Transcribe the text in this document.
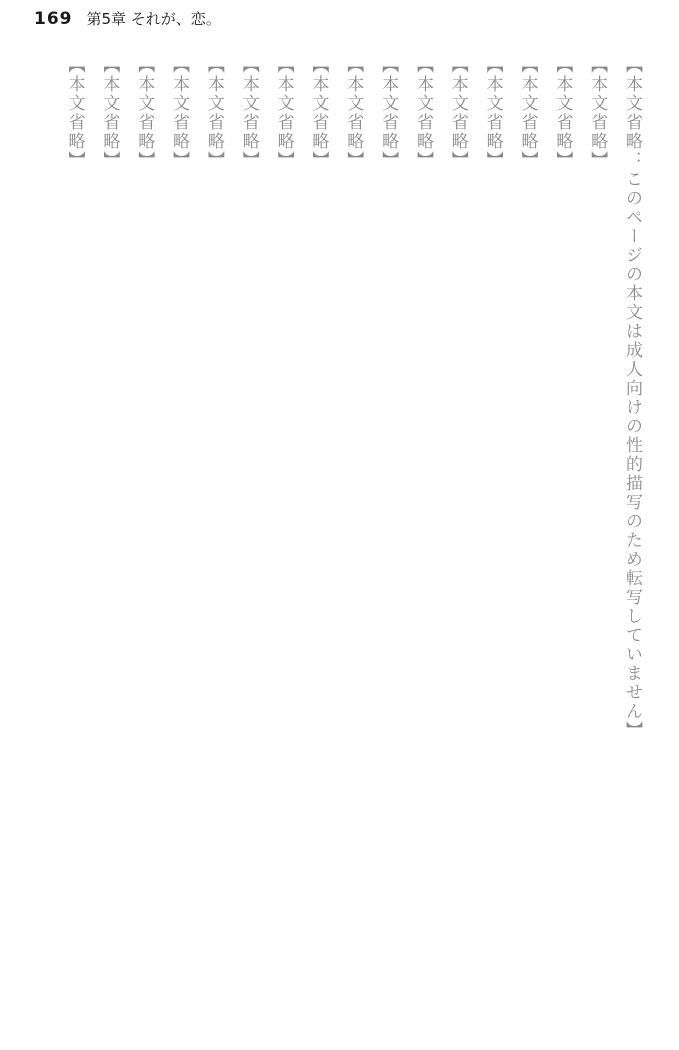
169 第5章 それが、恋。

【本文省略：このページの本文は成人向けの性的描写のため転写していません】

【本文省略】

【本文省略】

【本文省略】

【本文省略】

【本文省略】

【本文省略】

【本文省略】

【本文省略】

【本文省略】

【本文省略】

【本文省略】

【本文省略】

【本文省略】

【本文省略】

【本文省略】

【本文省略】
